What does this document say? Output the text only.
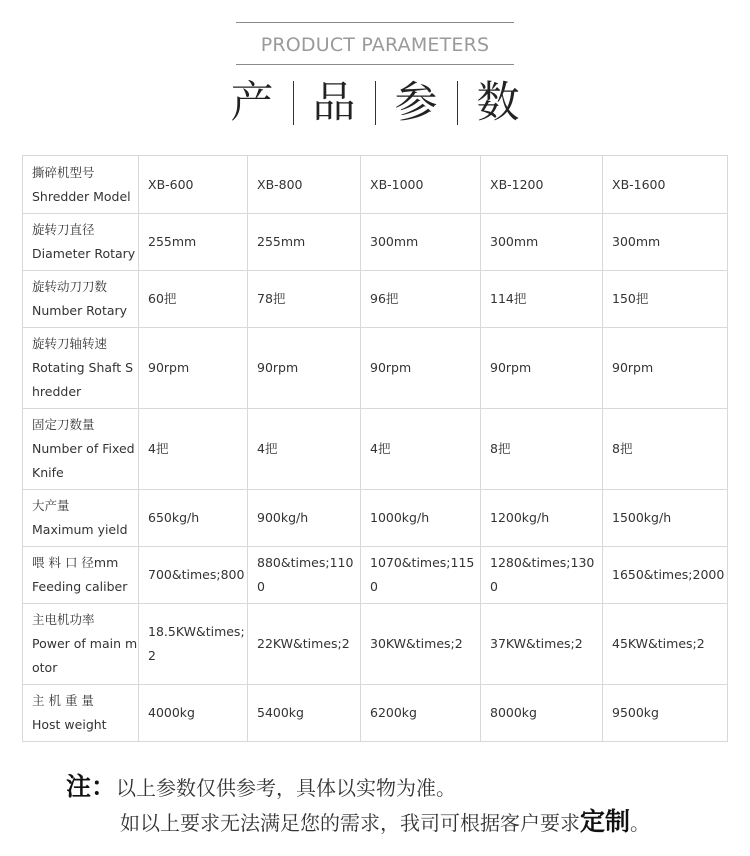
PRODUCT PARAMETERS
产 品 参 数
撕碎机型号
Shredder Model	XB-600	XB-800	XB-1000	XB-1200	XB-1600

旋转刀直径
Diameter Rotary	255mm	255mm	300mm	300mm	300mm

旋转动刀刀数
Number Rotary	60把	78把	96把	114把	150把

旋转刀轴转速
Rotating Shaft Shredder	90rpm	90rpm	90rpm	90rpm	90rpm

固定刀数量
Number of Fixed Knife	4把	4把	4把	8把	8把

大产量
Maximum yield	650kg/h	900kg/h	1000kg/h	1200kg/h	1500kg/h

喂 料 口 径mm
Feeding caliber	700&times;800	880&times;1100	1070&times;1150	1280&times;1300	1650&times;2000

主电机功率
Power of main motor	18.5KW&times;2	22KW&times;2	30KW&times;2	37KW&times;2	45KW&times;2

主 机 重 量
Host weight	4000kg	5400kg	6200kg	8000kg	9500kg
注：以上参数仅供参考，具体以实物为准。
如以上要求无法满足您的需求，我司可根据客户要求定制。
